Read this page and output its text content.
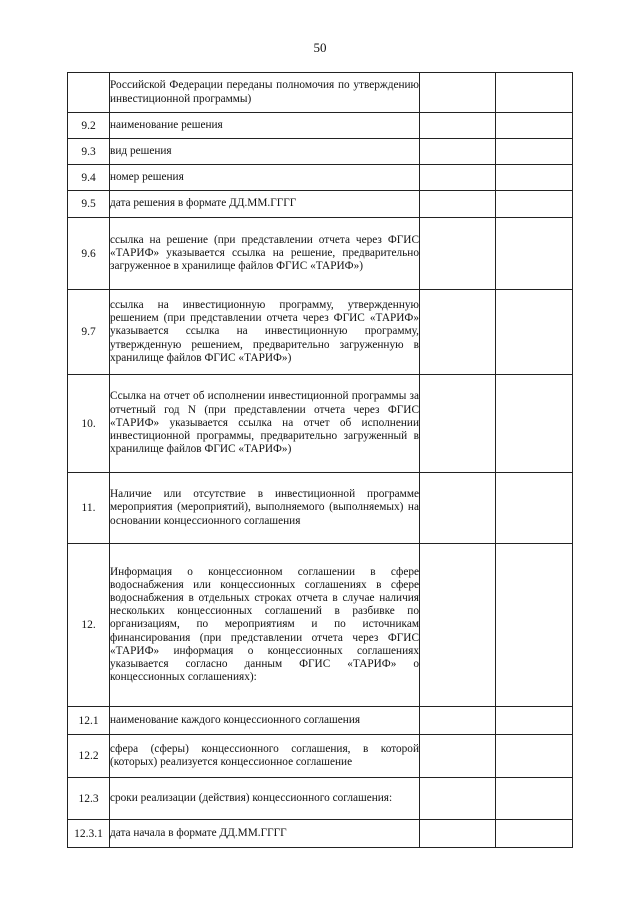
50
	Российской Федерации переданы полномочия по утверждению инвестиционной программы)		
9.2	наименование решения		
9.3	вид решения		
9.4	номер решения		
9.5	дата решения в формате ДД.ММ.ГГГГ		
9.6	ссылка на решение (при представлении отчета через ФГИС «ТАРИФ» указывается ссылка на решение, предварительно загруженное в хранилище файлов ФГИС «ТАРИФ»)		
9.7	ссылка на инвестиционную программу, утвержденную решением (при представлении отчета через ФГИС «ТАРИФ» указывается ссылка на инвестиционную программу, утвержденную решением, предварительно загруженную в хранилище файлов ФГИС «ТАРИФ»)		
10.	Ссылка на отчет об исполнении инвестиционной программы за отчетный год N (при представлении отчета через ФГИС «ТАРИФ» указывается ссылка на отчет об исполнении инвестиционной программы, предварительно загруженный в хранилище файлов ФГИС «ТАРИФ»)		
11.	Наличие или отсутствие в инвестиционной программе мероприятия (мероприятий), выполняемого (выполняемых) на основании концессионного соглашения		
12.	Информация о концессионном соглашении в сфере водоснабжения или концессионных соглашениях в сфере водоснабжения в отдельных строках отчета в случае наличия нескольких концессионных соглашений в разбивке по организациям, по мероприятиям и по источникам финансирования (при представлении отчета через ФГИС «ТАРИФ» информация о концессионных соглашениях указывается согласно данным ФГИС «ТАРИФ» о концессионных соглашениях):		
12.1	наименование каждого концессионного соглашения		
12.2	сфера (сферы) концессионного соглашения, в которой (которых) реализуется концессионное соглашение		
12.3	сроки реализации (действия) концессионного соглашения:		
12.3.1	дата начала в формате ДД.ММ.ГГГГ		
